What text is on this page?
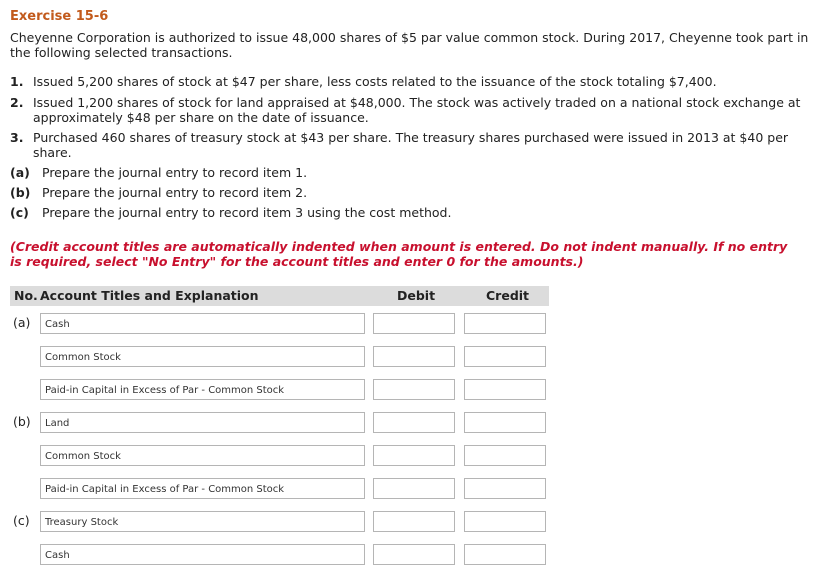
Exercise 15-6
Cheyenne Corporation is authorized to issue 48,000 shares of $5 par value common stock. During 2017, Cheyenne took part in the following selected transactions.
1. Issued 5,200 shares of stock at $47 per share, less costs related to the issuance of the stock totaling $7,400.
2. Issued 1,200 shares of stock for land appraised at $48,000. The stock was actively traded on a national stock exchange at approximately $48 per share on the date of issuance.
3. Purchased 460 shares of treasury stock at $43 per share. The treasury shares purchased were issued in 2013 at $40 per share.
(a) Prepare the journal entry to record item 1.
(b) Prepare the journal entry to record item 2.
(c) Prepare the journal entry to record item 3 using the cost method.
(Credit account titles are automatically indented when amount is entered. Do not indent manually. If no entry is required, select "No Entry" for the account titles and enter 0 for the amounts.)
No. Account Titles and Explanation	Debit	Credit
(a)	Cash
Common Stock
Paid-in Capital in Excess of Par - Common Stock
(b)	Land
Common Stock
Paid-in Capital in Excess of Par - Common Stock
(c)	Treasury Stock
Cash
